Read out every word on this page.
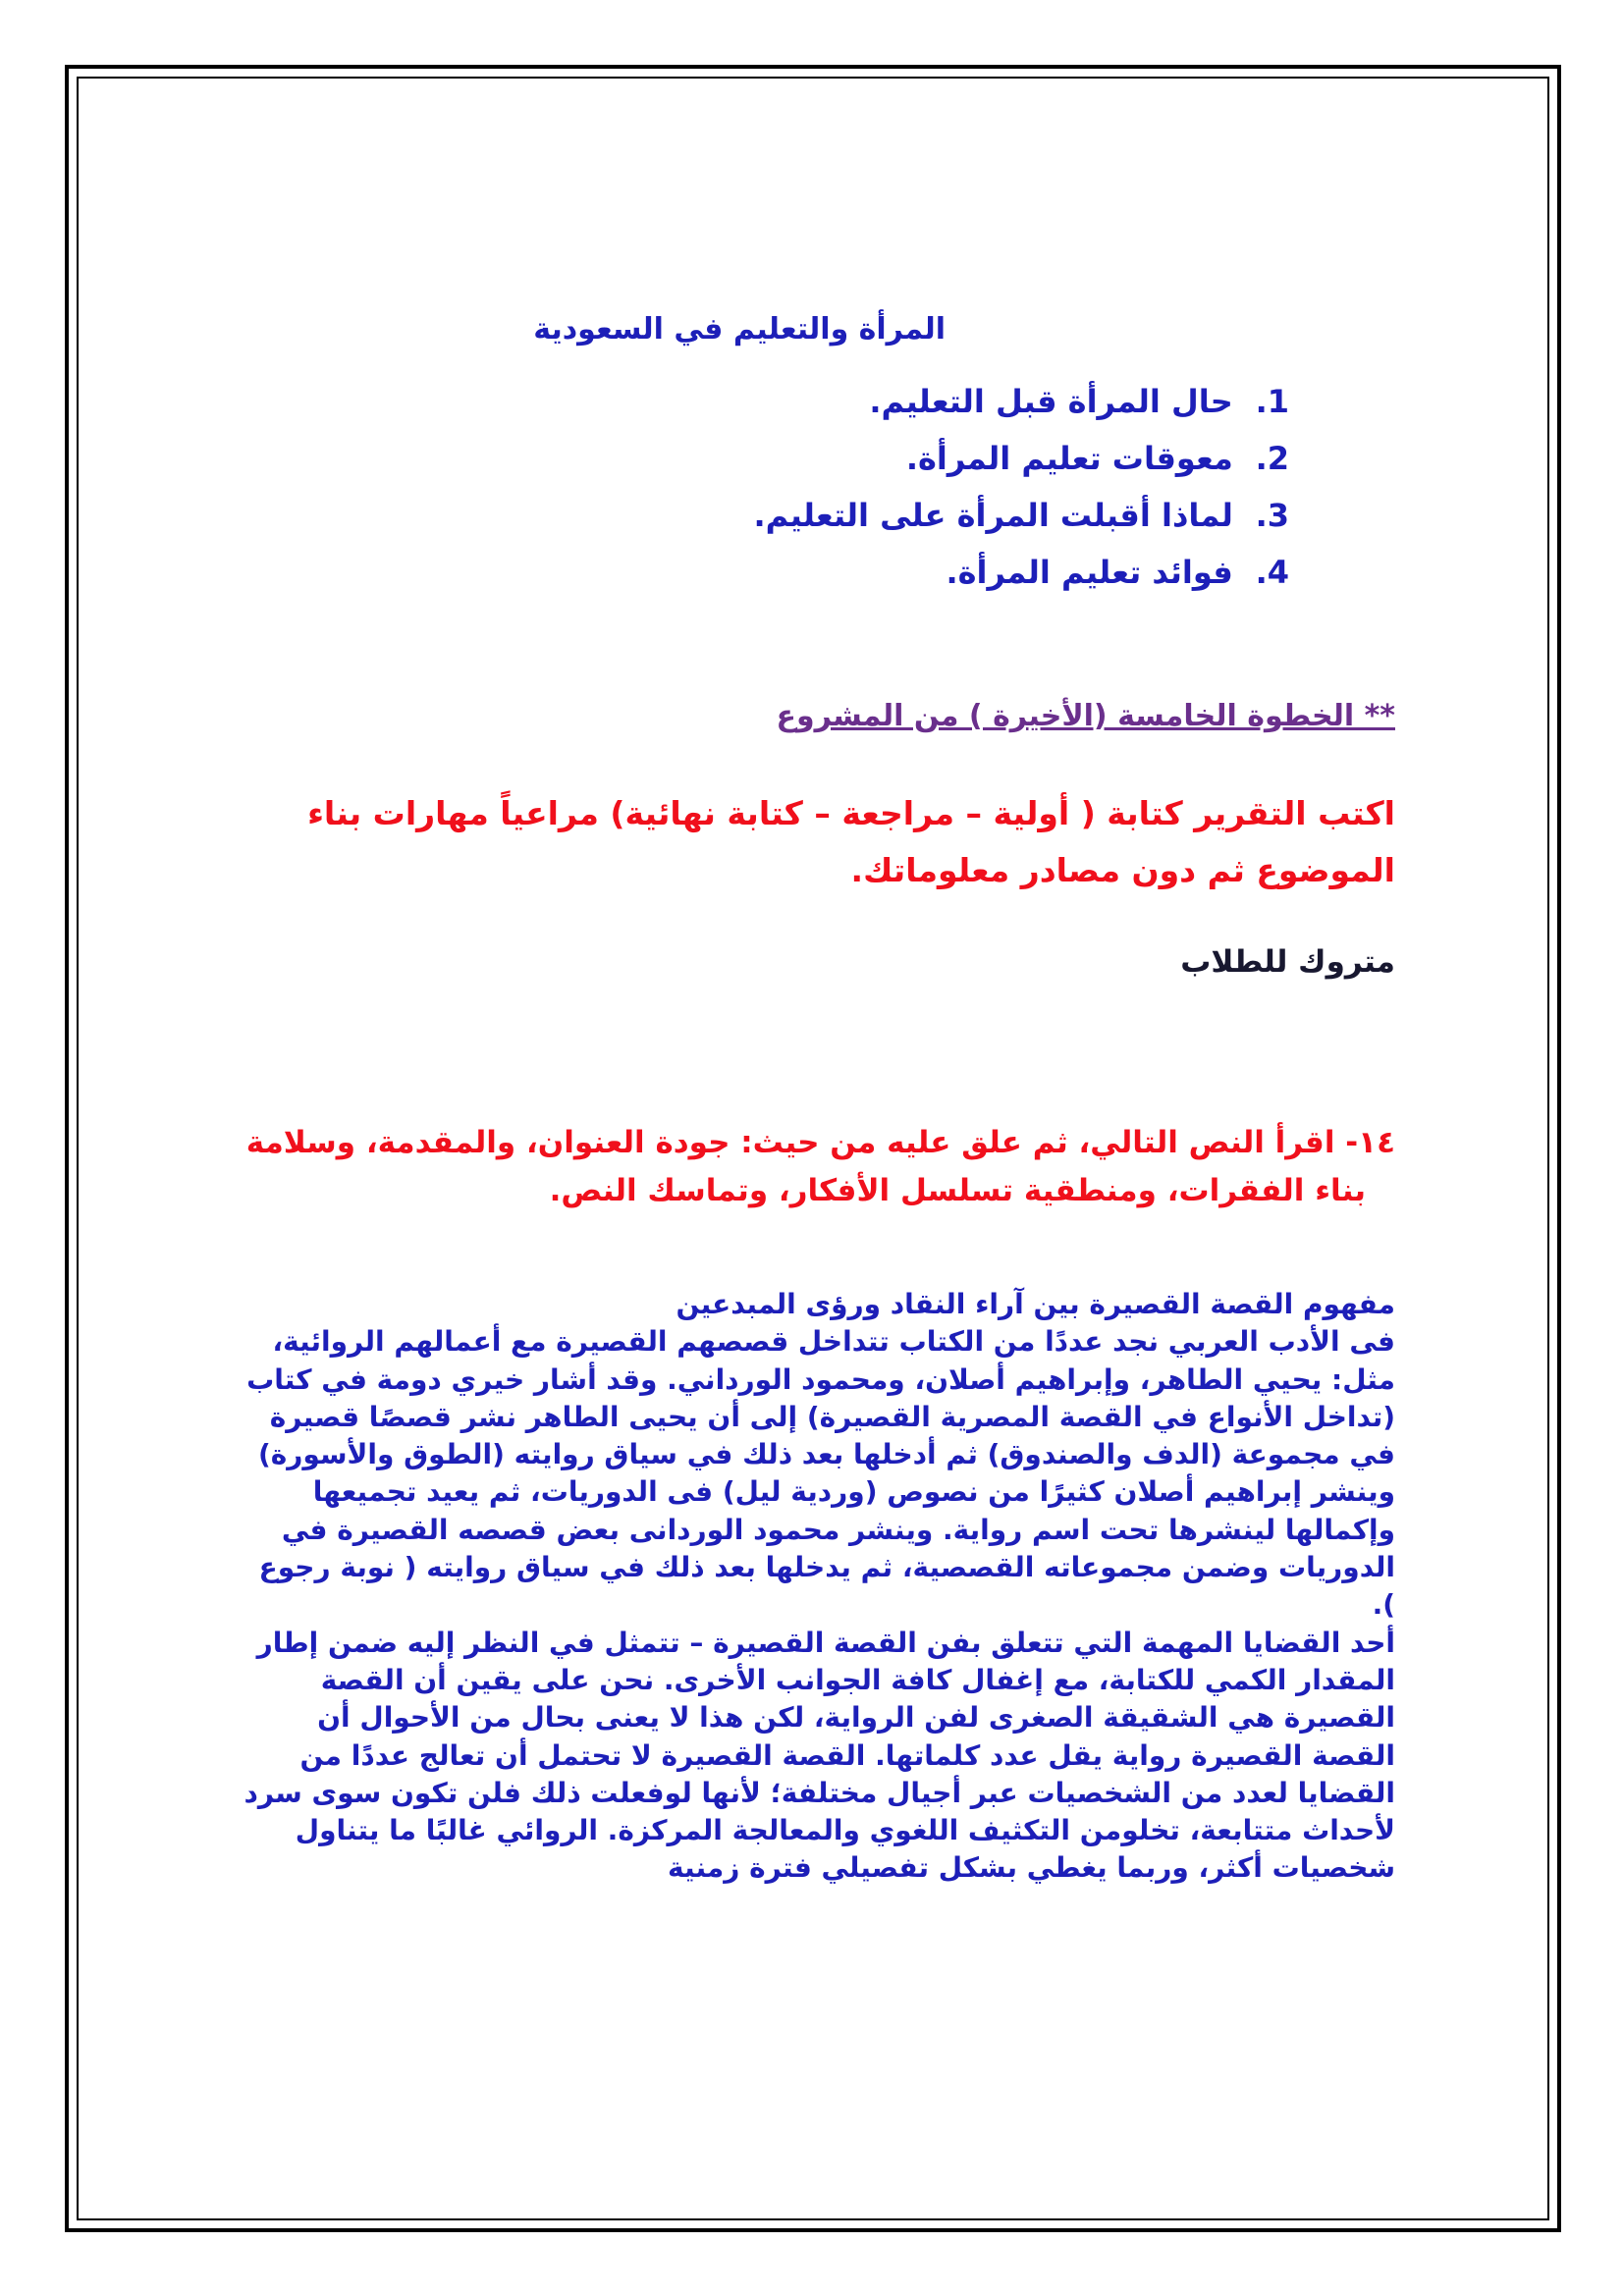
المرأة والتعليم في السعودية
1. حال المرأة قبل التعليم.
2. معوقات تعليم المرأة.
3. لماذا أقبلت المرأة على التعليم.
4. فوائد تعليم المرأة.
** الخطوة الخامسة (الأخيرة ) من المشروع
اكتب التقرير كتابة ( أولية – مراجعة – كتابة نهائية) مراعياً مهارات بناء الموضوع ثم دون مصادر معلوماتك.
متروك للطلاب
١٤- اقرأ النص التالي، ثم علق عليه من حيث: جودة العنوان، والمقدمة، وسلامة
بناء الفقرات، ومنطقية تسلسل الأفكار، وتماسك النص.

مفهوم القصة القصيرة بين آراء النقاد ورؤى المبدعين

فى الأدب العربي نجد عددًا من الكتاب تتداخل قصصهم القصيرة مع أعمالهم الروائية، مثل: يحيي الطاهر، وإبراهيم أصلان، ومحمود الورداني. وقد أشار خيري دومة في كتاب (تداخل الأنواع في القصة المصرية القصيرة) إلى أن يحيى الطاهر نشر قصصًا قصيرة في مجموعة (الدف والصندوق) ثم أدخلها بعد ذلك في سياق روايته (الطوق والأسورة) وينشر إبراهيم أصلان كثيرًا من نصوص (وردية ليل) فى الدوريات، ثم يعيد تجميعها وإكمالها لينشرها تحت اسم رواية. وينشر محمود الوردانى بعض قصصه القصيرة في الدوريات وضمن مجموعاته القصصية، ثم يدخلها بعد ذلك في سياق روايته ( نوبة رجوع ).

أحد القضايا المهمة التي تتعلق بفن القصة القصيرة – تتمثل في النظر إليه ضمن إطار المقدار الكمي للكتابة، مع إغفال كافة الجوانب الأخرى. نحن على يقين أن القصة القصيرة هي الشقيقة الصغرى لفن الرواية، لكن هذا لا يعنى بحال من الأحوال أن القصة القصيرة رواية يقل عدد كلماتها. القصة القصيرة لا تحتمل أن تعالج عددًا من القضايا لعدد من الشخصيات عبر أجيال مختلفة؛ لأنها لوفعلت ذلك فلن تكون سوى سرد لأحداث متتابعة، تخلومن التكثيف اللغوي والمعالجة المركزة. الروائي غالبًا ما يتناول شخصيات أكثر، وربما يغطي بشكل تفصيلي فترة زمنية
